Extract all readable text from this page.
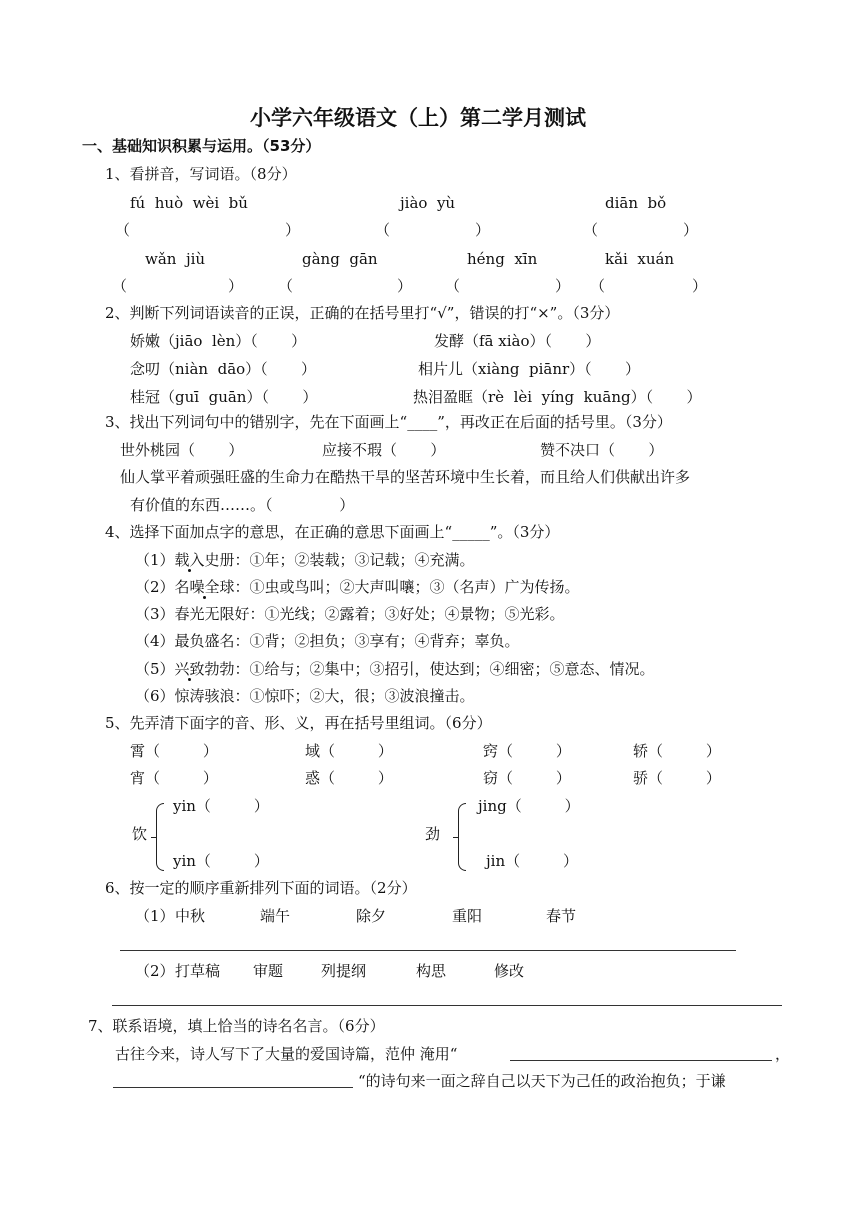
小学六年级语文（上）第二学月测试
一、基础知识积累与运用。（53分）
1、看拼音，写词语。（8分）
fú  huò  wèi  bǔ	jiào  yù	diān  bǒ
（	）	（	）	（	）
wǎn  jiù	gàng  gān	héng  xīn	kǎi  xuán
（	） （	） （	） （	）
2、判断下列词语读音的正误，正确的在括号里打“√”，错误的打“×”。（3分）
娇嫩（jiāo  lèn）（       ）	发酵（fā xiào）（       ）
念叨（niàn  dāo）（       ）	相片儿（xiàng  piānr）（       ）
桂冠（guī  guān）（       ）	热泪盈眶（rè  lèi  yíng  kuāng）（       ）
3、找出下列词句中的错别字，先在下面画上“____”，再改正在后面的括号里。（3分）
世外桃园（       ）	应接不瑕（       ）	赞不决口（       ）
仙人掌平着顽强旺盛的生命力在酷热干旱的坚苦环境中生长着，而且给人们供献出许多
有价值的东西……。（              ）
4、选择下面加点字的意思，在正确的意思下面画上“_____”。（3分）
（1）载入史册：①年；②装载；③记载；④充满。
（2）名噪全球：①虫或鸟叫；②大声叫嚷；③（名声）广为传扬。
（3）春光无限好：①光线；②露着；③好处；④景物；⑤光彩。
（4）最负盛名：①背；②担负；③享有；④背弃；辜负。
（5）兴致勃勃：①给与；②集中；③招引，使达到；④细密；⑤意态、情况。
（6）惊涛骇浪：①惊吓；②大，很；③波浪撞击。
5、先弄清下面字的音、形、义，再在括号里组词。（6分）
霄（         ）	域（         ）	窍（         ）	轿（         ）
宵（         ）	惑（         ）	窃（         ）	骄（         ）
饮
yin（         ）
yin（         ）
劲
jing（         ）
jin（         ）
6、按一定的顺序重新排列下面的词语。（2分）
（1） 中秋	端午	除夕	重阳	春节
（2） 打草稿 审题	列提纲	构思	修改
7、联系语境，填上恰当的诗名名言。（6分）
古往今来，诗人写下了大量的爱国诗篇，范仲 淹用“	，
“的诗句来一面之辞自己以天下为己任的政治抱负；于谦
